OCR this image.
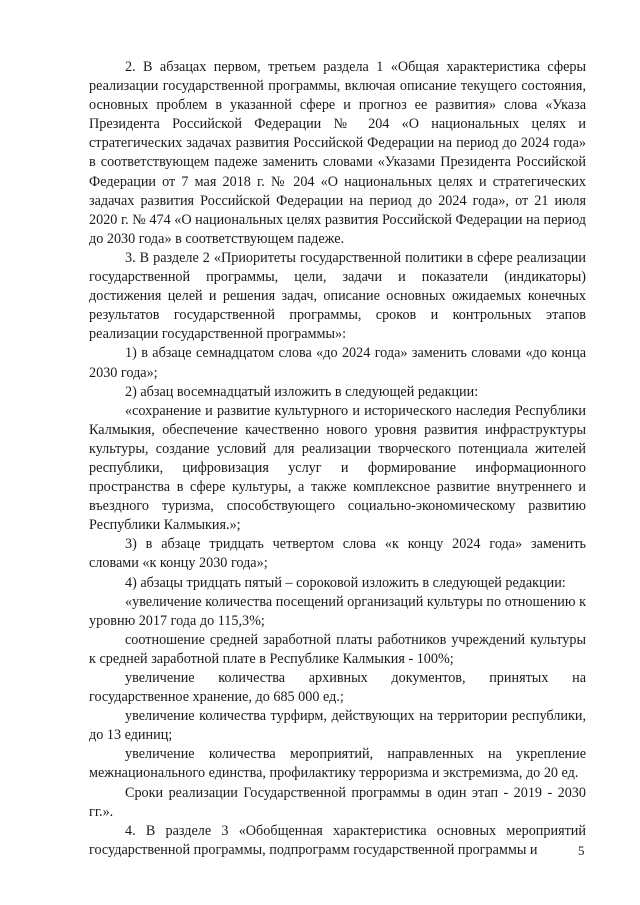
2. В абзацах первом, третьем раздела 1 «Общая характеристика сферы реализации государственной программы, включая описание текущего состояния, основных проблем в указанной сфере и прогноз ее развития» слова «Указа Президента Российской Федерации № 204 «О национальных целях и стратегических задачах развития Российской Федерации на период до 2024 года» в соответствующем падеже заменить словами «Указами Президента Российской Федерации от 7 мая 2018 г. № 204 «О национальных целях и стратегических задачах развития Российской Федерации на период до 2024 года», от 21 июля 2020 г. № 474 «О национальных целях развития Российской Федерации на период до 2030 года» в соответствующем падеже.

3. В разделе 2 «Приоритеты государственной политики в сфере реализации государственной программы, цели, задачи и показатели (индикаторы) достижения целей и решения задач, описание основных ожидаемых конечных результатов государственной программы, сроков и контрольных этапов реализации государственной программы»:

1) в абзаце семнадцатом слова «до 2024 года» заменить словами «до конца 2030 года»;

2) абзац восемнадцатый изложить в следующей редакции:

«сохранение и развитие культурного и исторического наследия Республики Калмыкия, обеспечение качественно нового уровня развития инфраструктуры культуры, создание условий для реализации творческого потенциала жителей республики, цифровизация услуг и формирование информационного пространства в сфере культуры, а также комплексное развитие внутреннего и въездного туризма, способствующего социально-экономическому развитию Республики Калмыкия.»;

3) в абзаце тридцать четвертом слова «к концу 2024 года» заменить словами «к концу 2030 года»;

4) абзацы тридцать пятый – сороковой изложить в следующей редакции:

«увеличение количества посещений организаций культуры по отношению к уровню 2017 года до 115,3%;

соотношение средней заработной платы работников учреждений культуры к средней заработной плате в Республике Калмыкия - 100%;

увеличение количества архивных документов, принятых на государственное хранение, до 685 000 ед.;

увеличение количества турфирм, действующих на территории республики, до 13 единиц;

увеличение количества мероприятий, направленных на укрепление межнационального единства, профилактику терроризма и экстремизма, до 20 ед.

Сроки реализации Государственной программы в один этап - 2019 - 2030 гг.».

4. В разделе 3 «Обобщенная характеристика основных мероприятий государственной программы, подпрограмм государственной программы и	5
